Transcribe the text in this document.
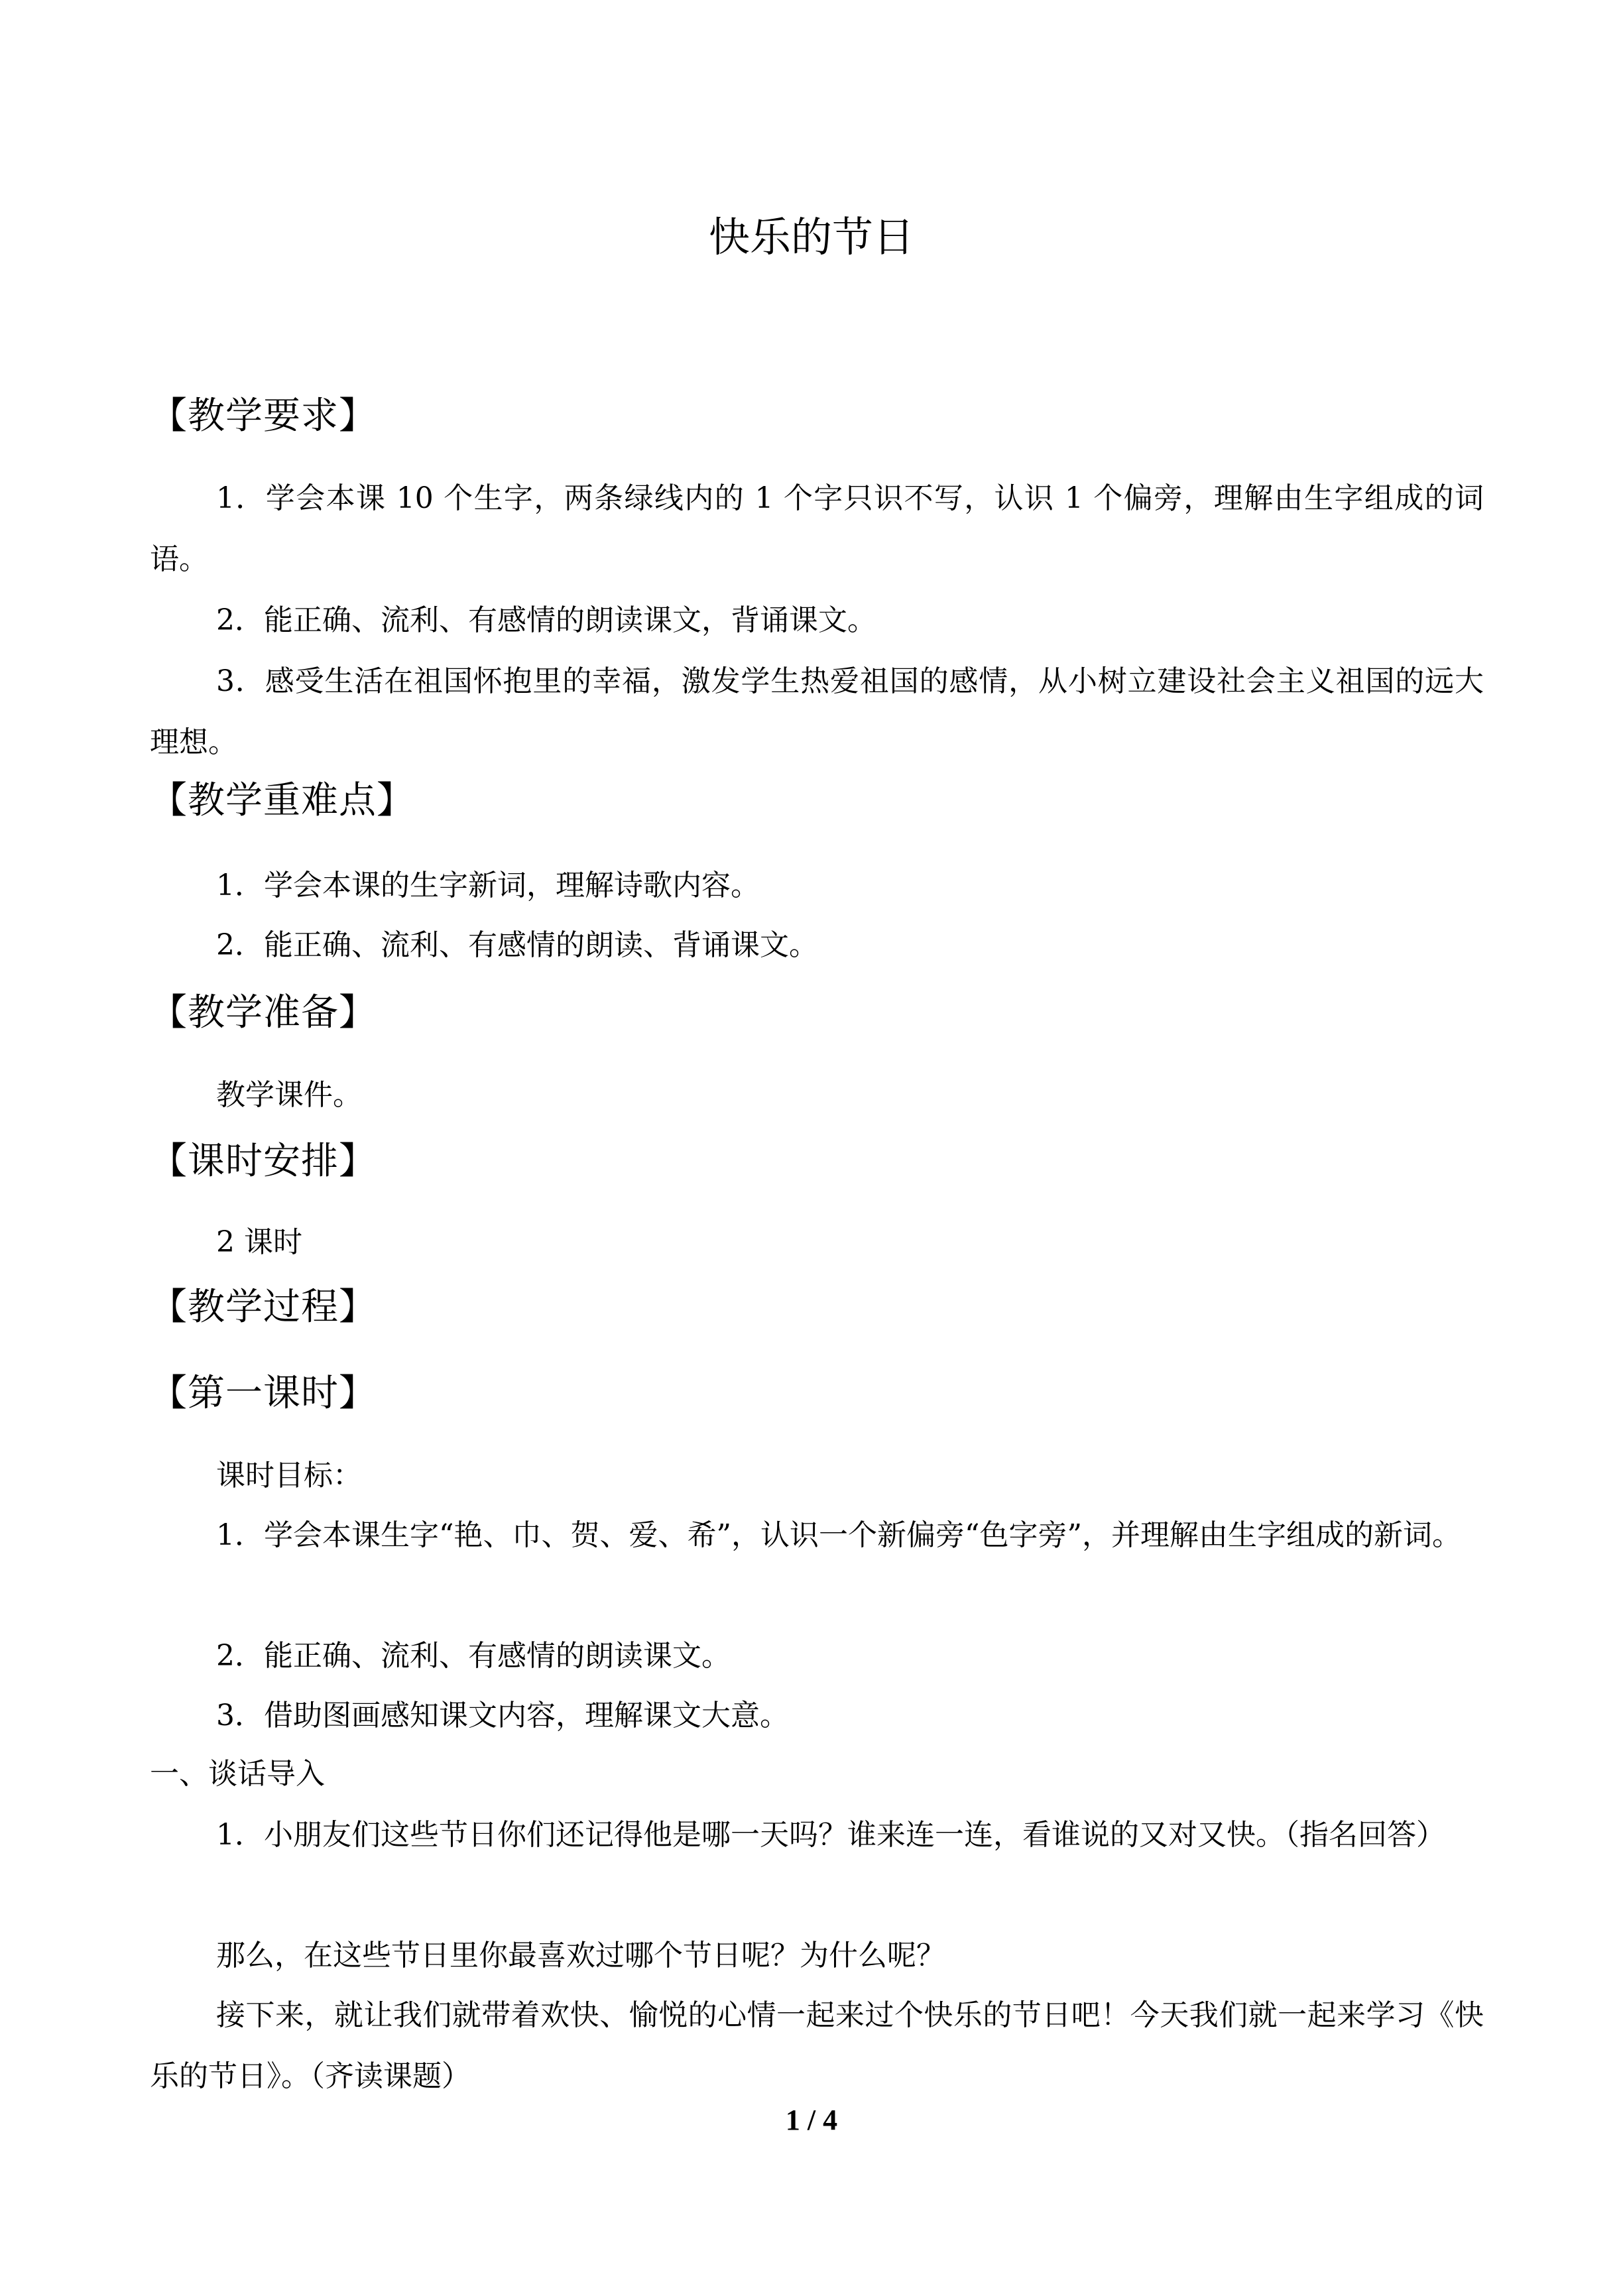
快乐的节日
【教学要求】
1．学会本课 10 个生字，两条绿线内的 1 个字只识不写，认识 1 个偏旁，理解由生字组成的词语。
2．能正确、流利、有感情的朗读课文，背诵课文。
3．感受生活在祖国怀抱里的幸福，激发学生热爱祖国的感情，从小树立建设社会主义祖国的远大理想。
【教学重难点】
1．学会本课的生字新词，理解诗歌内容。
2．能正确、流利、有感情的朗读、背诵课文。
【教学准备】
教学课件。
【课时安排】
2 课时
【教学过程】
【第一课时】
课时目标：
1．学会本课生字“艳、巾、贺、爱、希”，认识一个新偏旁“色字旁”，并理解由生字组成的新词。
2．能正确、流利、有感情的朗读课文。
3．借助图画感知课文内容，理解课文大意。
一、谈话导入
1．小朋友们这些节日你们还记得他是哪一天吗？谁来连一连，看谁说的又对又快。（指名回答）
那么，在这些节日里你最喜欢过哪个节日呢？为什么呢？
接下来，就让我们就带着欢快、愉悦的心情一起来过个快乐的节日吧！今天我们就一起来学习《快乐的节日》。（齐读课题）
1 / 4
